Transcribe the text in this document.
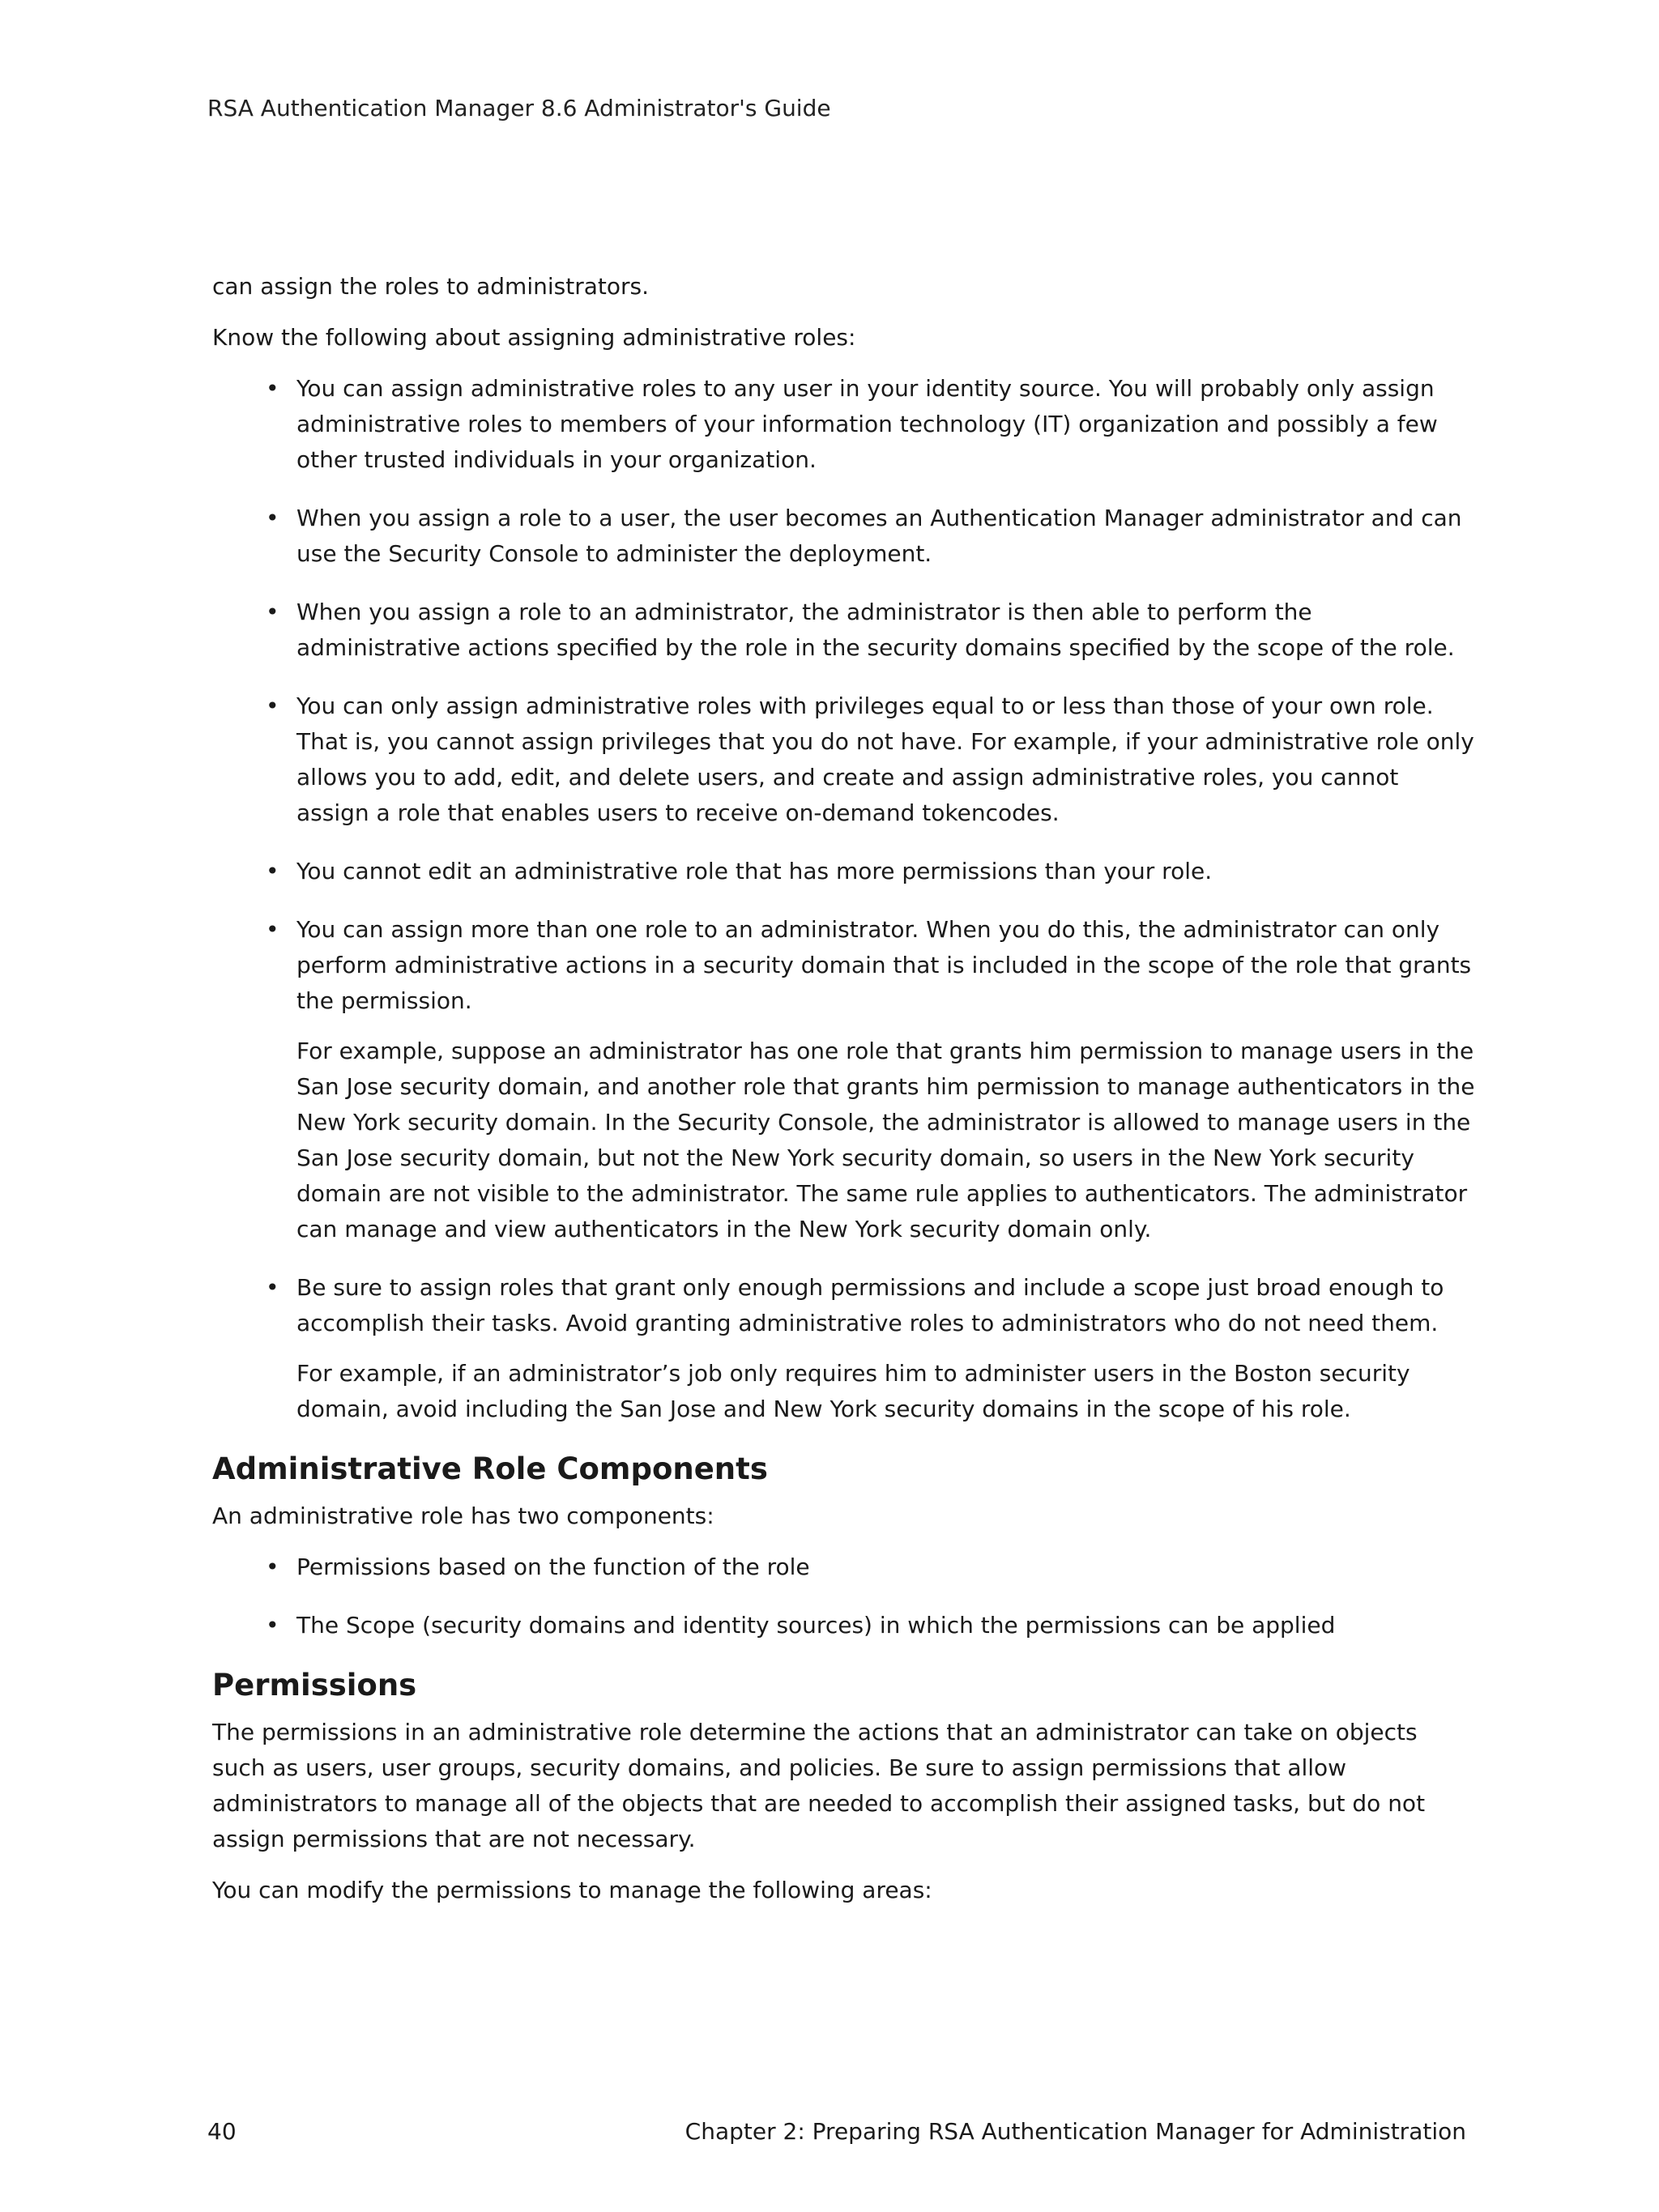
RSA Authentication Manager 8.6 Administrator's Guide

can assign the roles to administrators.

Know the following about assigning administrative roles:

• You can assign administrative roles to any user in your identity source. You will probably only assign administrative roles to members of your information technology (IT) organization and possibly a few other trusted individuals in your organization.

• When you assign a role to a user, the user becomes an Authentication Manager administrator and can use the Security Console to administer the deployment.

• When you assign a role to an administrator, the administrator is then able to perform the administrative actions specified by the role in the security domains specified by the scope of the role.

• You can only assign administrative roles with privileges equal to or less than those of your own role. That is, you cannot assign privileges that you do not have. For example, if your administrative role only allows you to add, edit, and delete users, and create and assign administrative roles, you cannot assign a role that enables users to receive on-demand tokencodes.

• You cannot edit an administrative role that has more permissions than your role.

• You can assign more than one role to an administrator. When you do this, the administrator can only perform administrative actions in a security domain that is included in the scope of the role that grants the permission.

For example, suppose an administrator has one role that grants him permission to manage users in the San Jose security domain, and another role that grants him permission to manage authenticators in the New York security domain. In the Security Console, the administrator is allowed to manage users in the San Jose security domain, but not the New York security domain, so users in the New York security domain are not visible to the administrator. The same rule applies to authenticators. The administrator can manage and view authenticators in the New York security domain only.

• Be sure to assign roles that grant only enough permissions and include a scope just broad enough to accomplish their tasks. Avoid granting administrative roles to administrators who do not need them.

For example, if an administrator’s job only requires him to administer users in the Boston security domain, avoid including the San Jose and New York security domains in the scope of his role.

Administrative Role Components

An administrative role has two components:

• Permissions based on the function of the role

• The Scope (security domains and identity sources) in which the permissions can be applied

Permissions

The permissions in an administrative role determine the actions that an administrator can take on objects such as users, user groups, security domains, and policies. Be sure to assign permissions that allow administrators to manage all of the objects that are needed to accomplish their assigned tasks, but do not assign permissions that are not necessary.

You can modify the permissions to manage the following areas:

40	Chapter 2: Preparing RSA Authentication Manager for Administration
